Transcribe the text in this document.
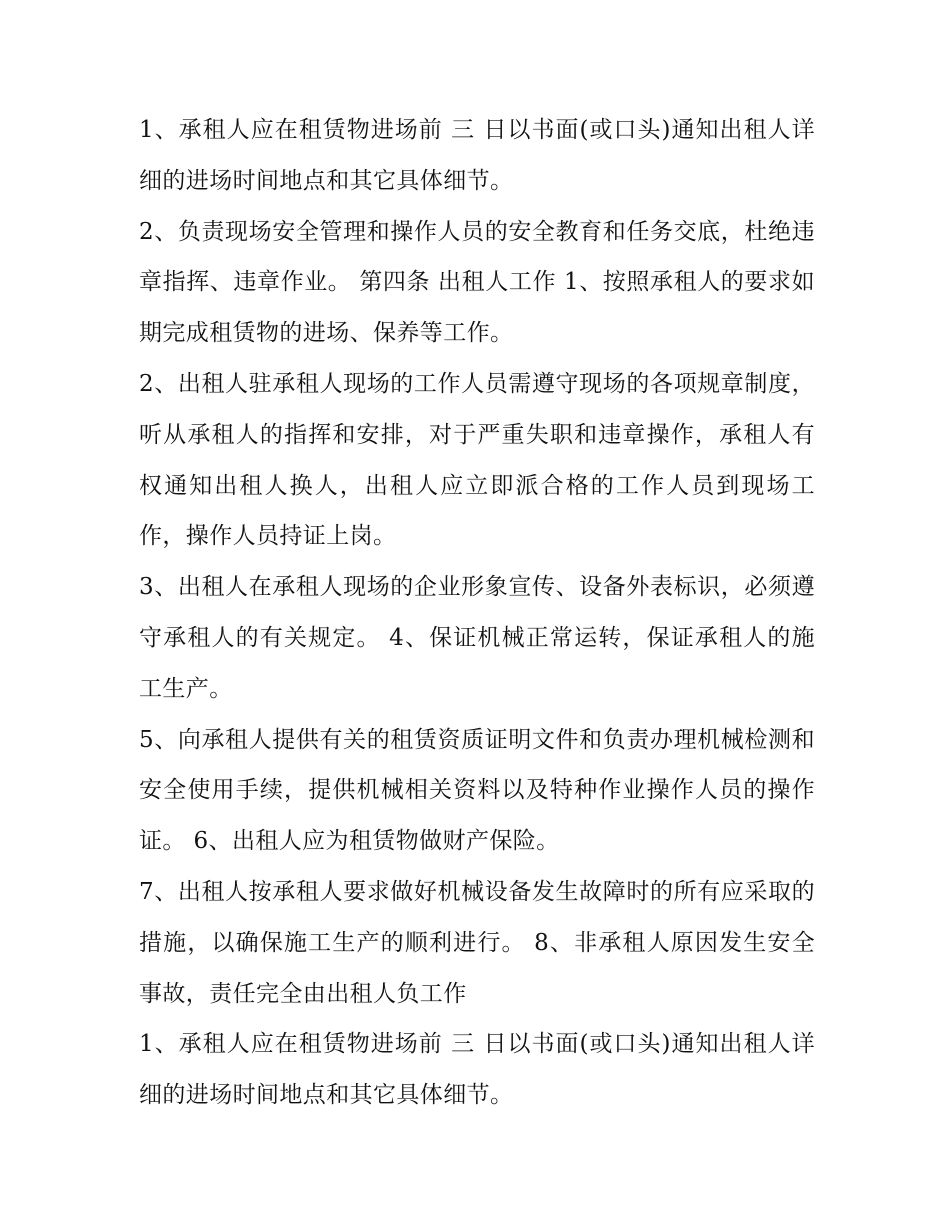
1、承租人应在租赁物进场前 三 日以书面(或口头)通知出租人详细的进场时间地点和其它具体细节。

2、负责现场安全管理和操作人员的安全教育和任务交底，杜绝违章指挥、违章作业。 第四条 出租人工作 1、按照承租人的要求如期完成租赁物的进场、保养等工作。

2、出租人驻承租人现场的工作人员需遵守现场的各项规章制度，听从承租人的指挥和安排，对于严重失职和违章操作，承租人有权通知出租人换人，出租人应立即派合格的工作人员到现场工作，操作人员持证上岗。

3、出租人在承租人现场的企业形象宣传、设备外表标识，必须遵守承租人的有关规定。 4、保证机械正常运转，保证承租人的施工生产。

5、向承租人提供有关的租赁资质证明文件和负责办理机械检测和安全使用手续，提供机械相关资料以及特种作业操作人员的操作证。 6、出租人应为租赁物做财产保险。

7、出租人按承租人要求做好机械设备发生故障时的所有应采取的措施，以确保施工生产的顺利进行。 8、非承租人原因发生安全事故，责任完全由出租人负工作

1、承租人应在租赁物进场前 三 日以书面(或口头)通知出租人详细的进场时间地点和其它具体细节。
